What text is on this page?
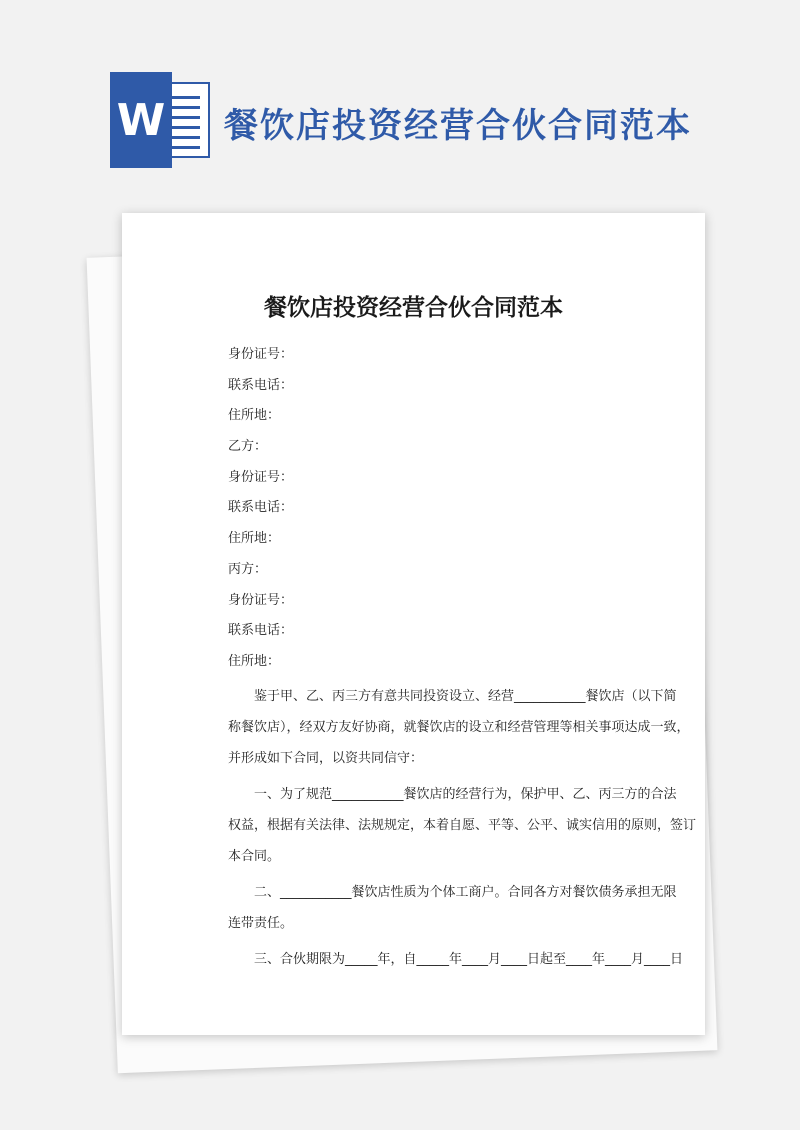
W 餐饮店投资经营合伙合同范本
餐饮店投资经营合伙合同范本
身份证号：
联系电话：
住所地：
乙方：
身份证号：
联系电话：
住所地：
丙方：
身份证号：
联系电话：
住所地：
鉴于甲、乙、丙三方有意共同投资设立、经营___________餐饮店（以下简
称餐饮店），经双方友好协商，就餐饮店的设立和经营管理等相关事项达成一致，
并形成如下合同，以资共同信守：
一、为了规范___________餐饮店的经营行为，保护甲、乙、丙三方的合法
权益，根据有关法律、法规规定，本着自愿、平等、公平、诚实信用的原则，签订
本合同。
二、___________餐饮店性质为个体工商户。合同各方对餐饮债务承担无限
连带责任。
三、合伙期限为_____年，自_____年____月____日起至____年____月____日
